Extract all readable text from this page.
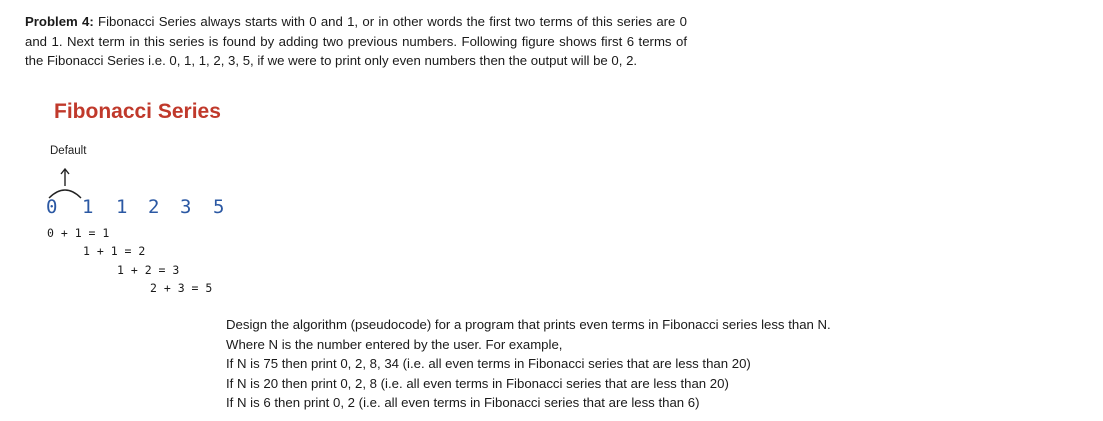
Problem 4: Fibonacci Series always starts with 0 and 1, or in other words the first two terms of this series are 0 and 1. Next term in this series is found by adding two previous numbers. Following figure shows first 6 terms of the Fibonacci Series i.e. 0, 1, 1, 2, 3, 5, if we were to print only even numbers then the output will be 0, 2.
Fibonacci Series
Default
0 1 1 2 3 5
0 + 1 = 1
1 + 1 = 2
1 + 2 = 3
2 + 3 = 5
Design the algorithm (pseudocode) for a program that prints even terms in Fibonacci series less than N.
Where N is the number entered by the user. For example,
If N is 75 then print 0, 2, 8, 34 (i.e. all even terms in Fibonacci series that are less than 20)
If N is 20 then print 0, 2, 8 (i.e. all even terms in Fibonacci series that are less than 20)
If N is 6 then print 0, 2 (i.e. all even terms in Fibonacci series that are less than 6)
